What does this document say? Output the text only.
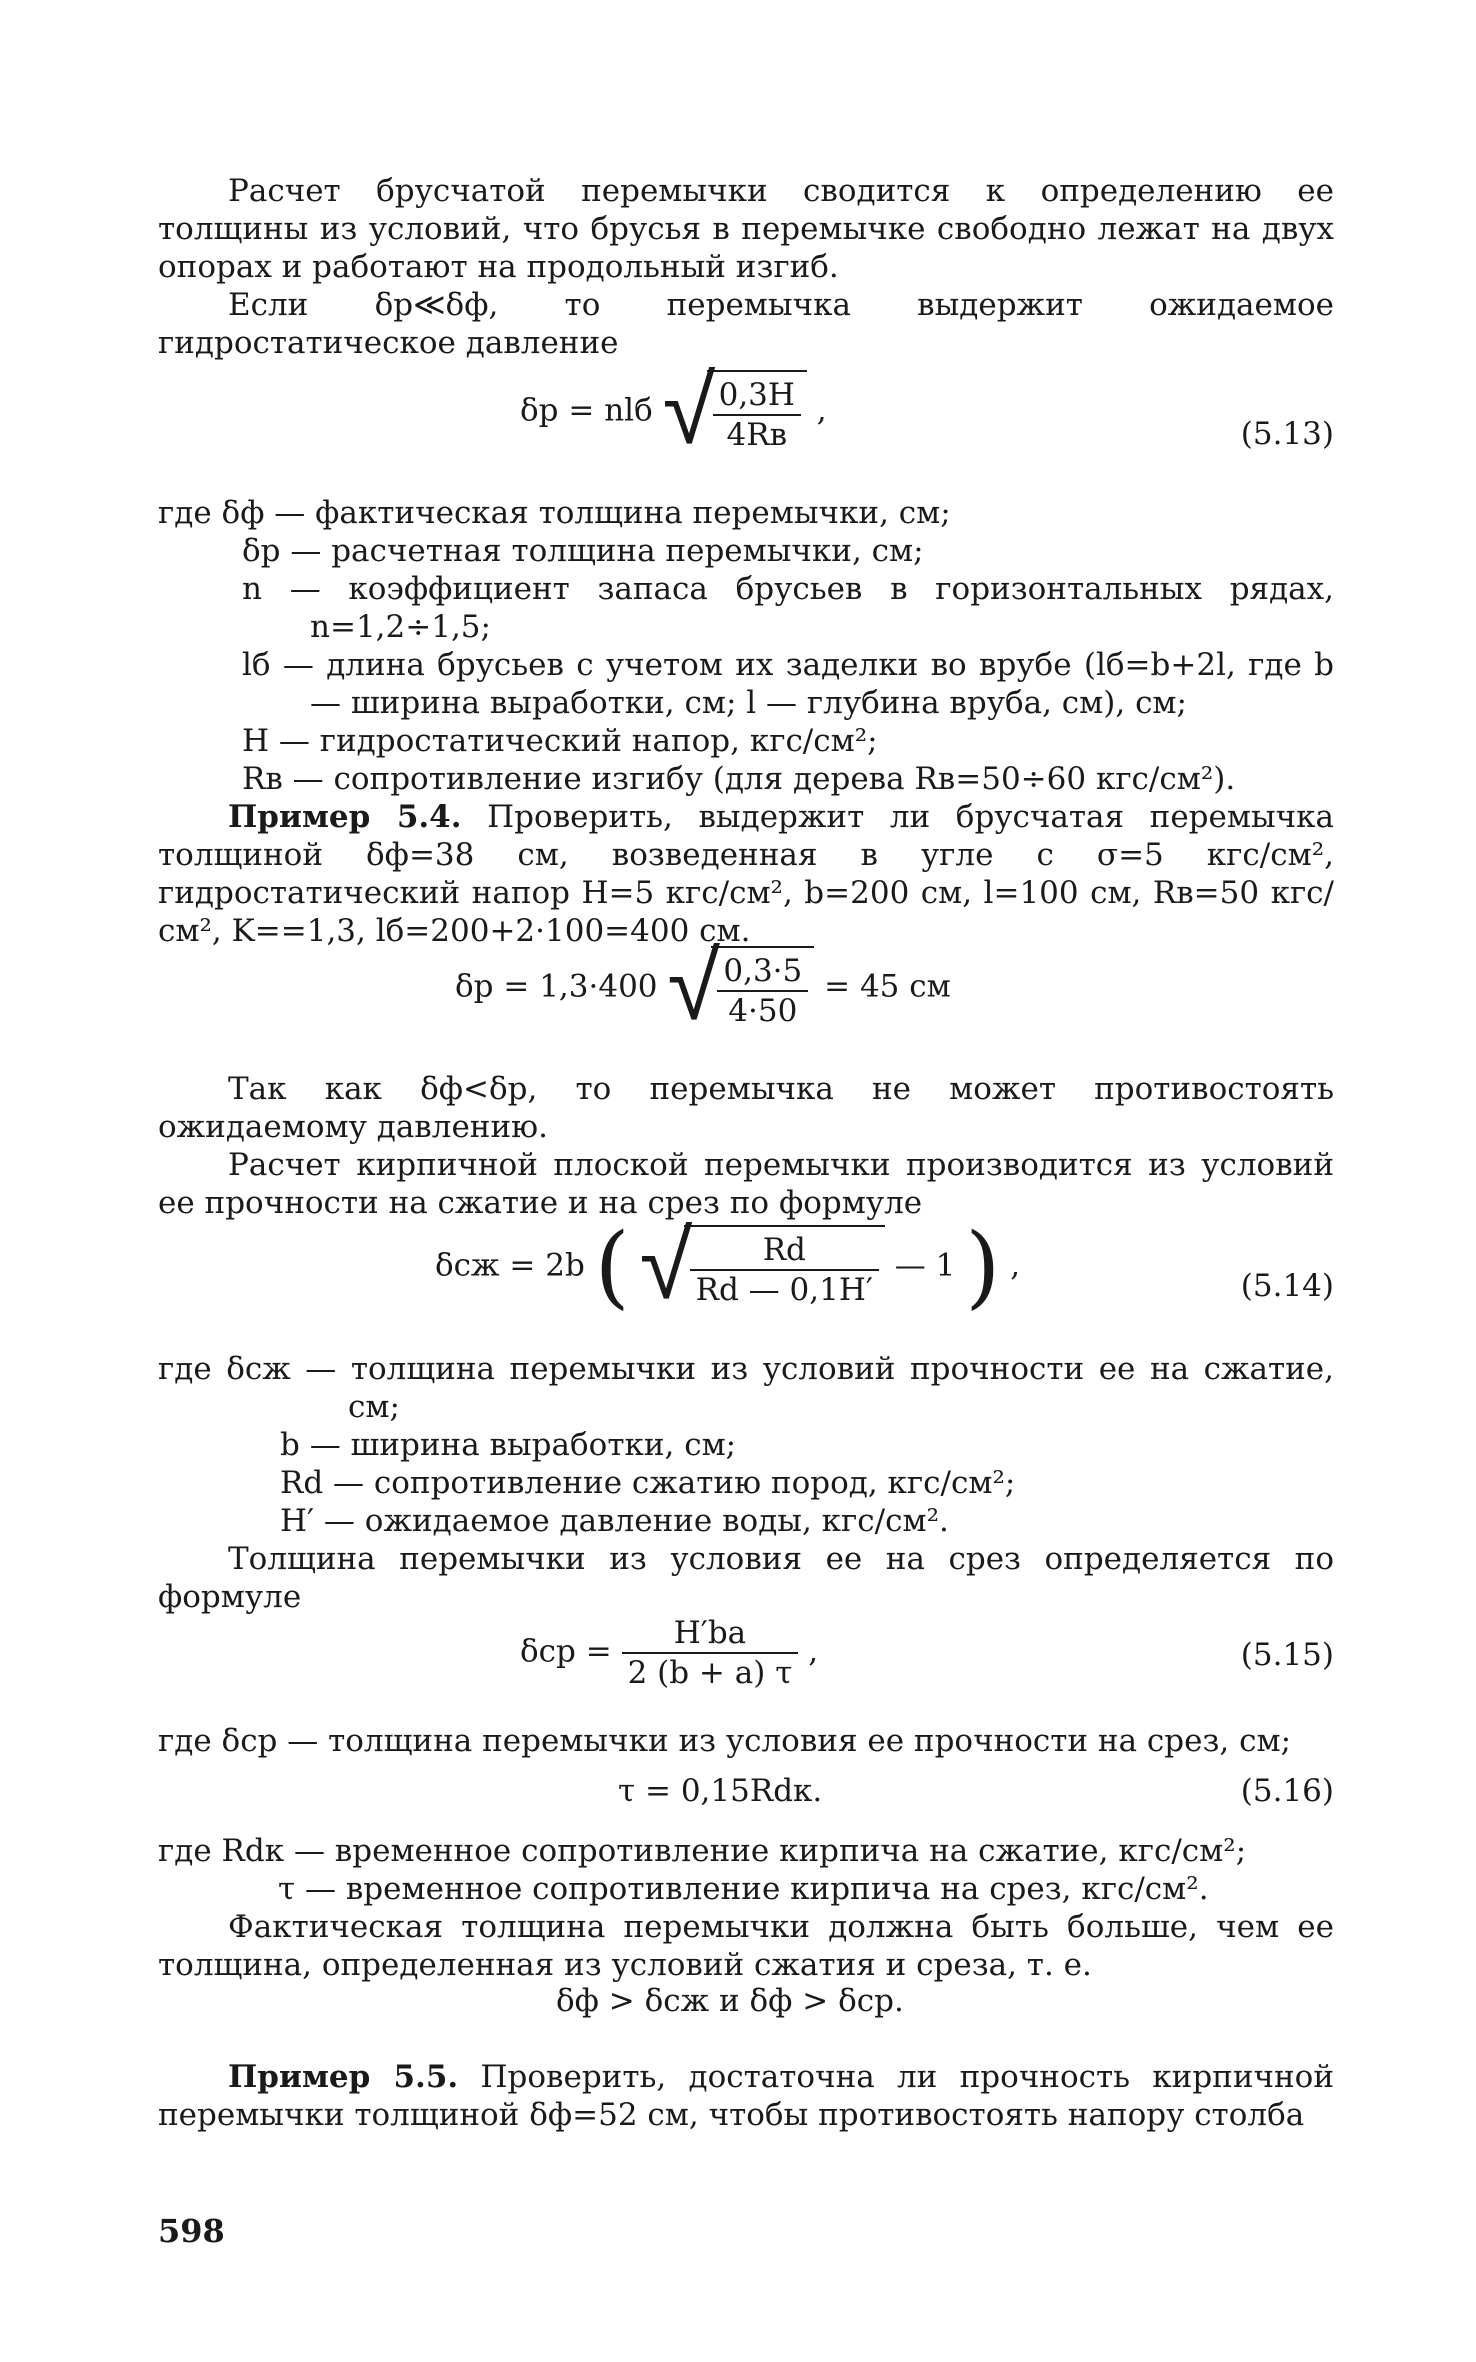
Расчет брусчатой перемычки сводится к определению ее толщины из условий, что брусья в перемычке свободно лежат на двух опорах и работают на продольный изгиб.

Если δр≪δф, то перемычка выдержит ожидаемое гидростатическое давление

δр = nlб √
$\frac{0,3H}{4Rв}$ ,
(5.13)

где δф — фактическая толщина перемычки, см;

δр — расчетная толщина перемычки, см;

n — коэффициент запаса брусьев в горизонтальных рядах, n=1,2÷1,5;

lб — длина брусьев с учетом их заделки во врубе (lб=b+2l, где b — ширина выработки, см; l — глубина вруба, см), см;

H — гидростатический напор, кгс/см²;

Rв — сопротивление изгибу (для дерева Rв=50÷60 кгс/см²).

Пример 5.4. Проверить, выдержит ли брусчатая перемычка толщиной δф=38 см, возведенная в угле с σ=5 кгс/см², гидростатический напор H=5 кгс/см², b=200 см, l=100 см, Rв=50 кгс/см², K==1,3, lб=200+2·100=400 см.

δр = 1,3·400 √
$\frac{0,3\cdot 5}{4\cdot 50} = 45$ см

Так как δф<δр, то перемычка не может противостоять ожидаемому давлению.

Расчет кирпичной плоской перемычки производится из условий ее прочности на сжатие и на срез по формуле

δсж = 2b ( √
$\frac{Rd}{Rd — 0,1H'}$ — 1 ) ,
(5.14)

где δсж — толщина перемычки из условий прочности ее на сжатие, см;

b — ширина выработки, см;

Rd — сопротивление сжатию пород, кгс/см²;

H′ — ожидаемое давление воды, кгс/см².

Толщина перемычки из условия ее на срез определяется по формуле

$\delta ср = \frac{H'ba}{2 (b + a) \tau}$ ,	(5.15)

где δср — толщина перемычки из условия ее прочности на срез, см;

τ = 0,15Rdк.	(5.16)

где Rdк — временное сопротивление кирпича на сжатие, кгс/см²;

τ — временное сопротивление кирпича на срез, кгс/см².

Фактическая толщина перемычки должна быть больше, чем ее толщина, определенная из условий сжатия и среза, т. е.

δф > δсж и δф > δср.

Пример 5.5. Проверить, достаточна ли прочность кирпичной перемычки толщиной δф=52 см, чтобы противостоять напору столба

598
